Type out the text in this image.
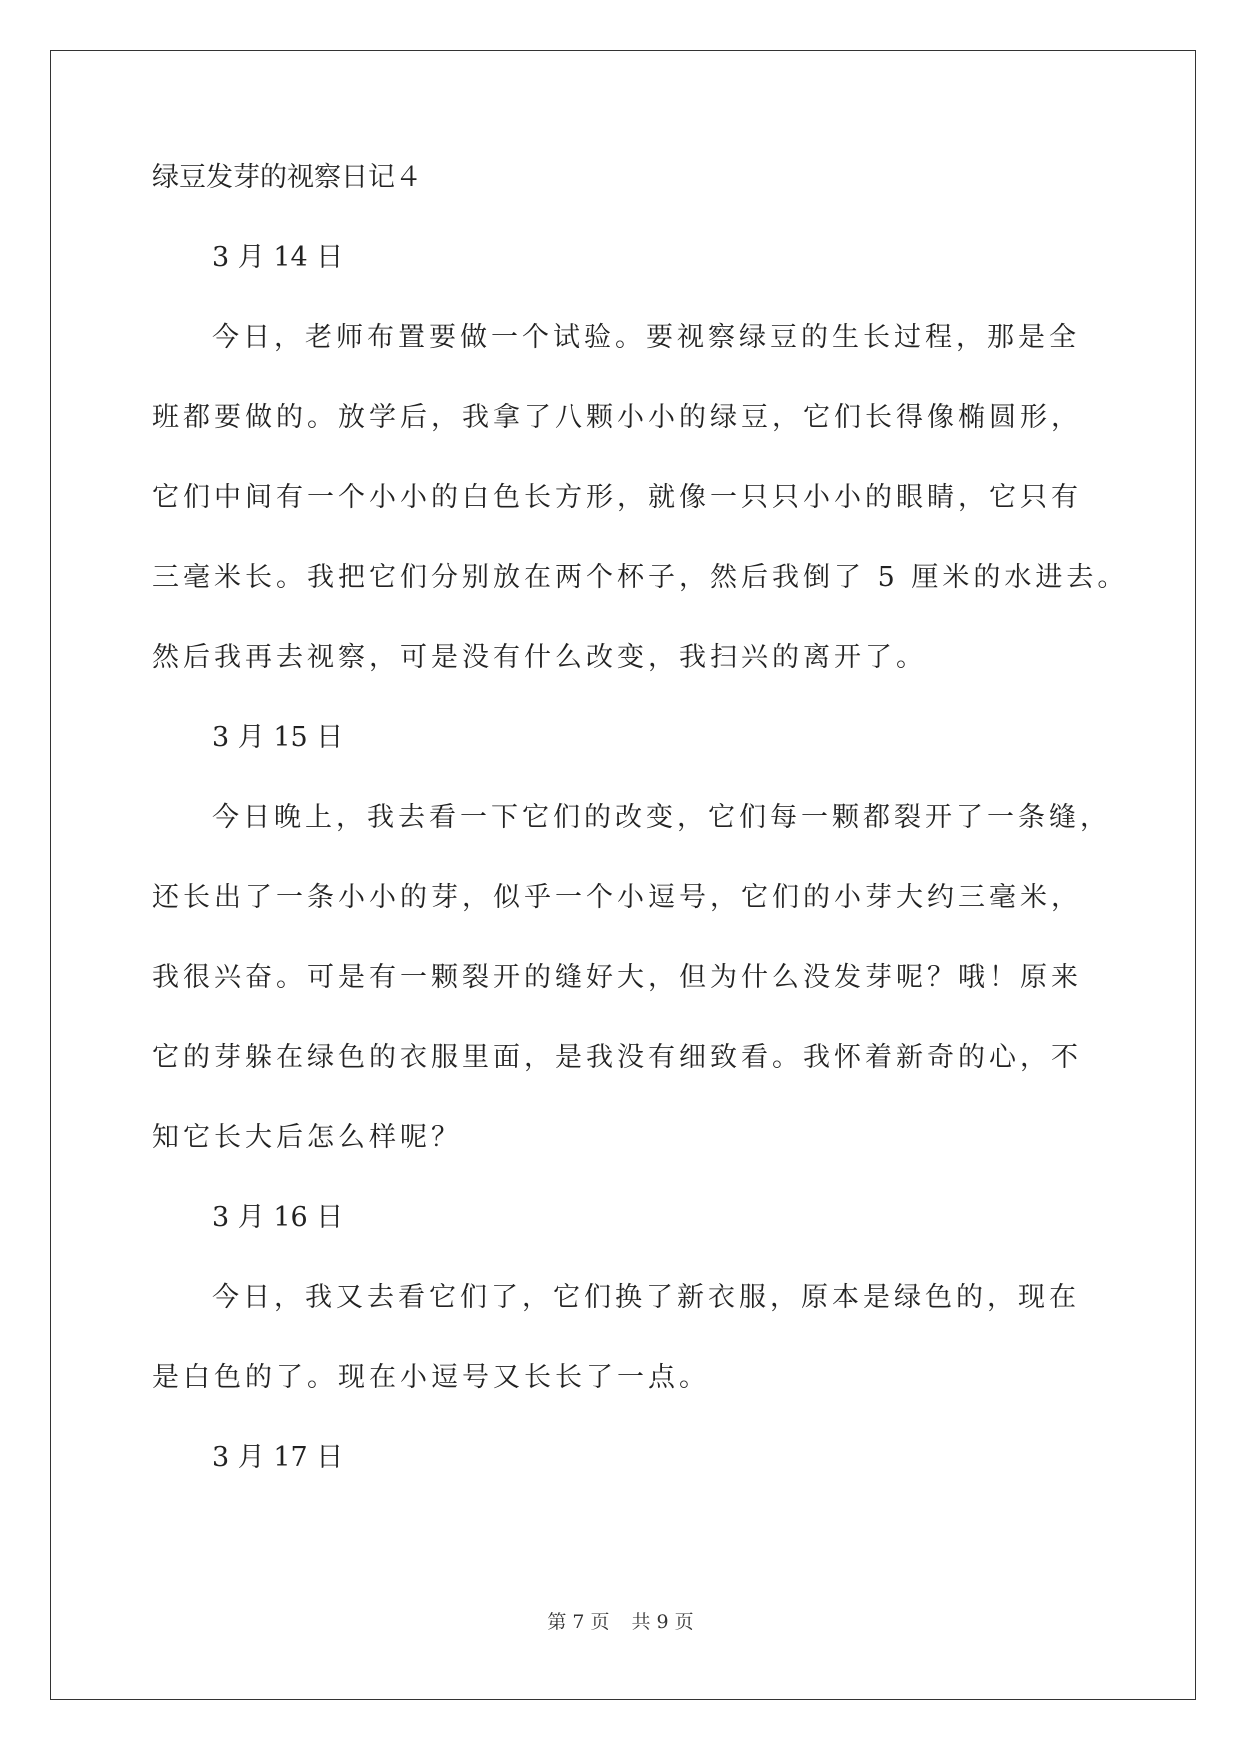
绿豆发芽的视察日记４
3 月 14 日
今日，老师布置要做一个试验。要视察绿豆的生长过程，那是全
班都要做的。放学后，我拿了八颗小小的绿豆，它们长得像椭圆形，
它们中间有一个小小的白色长方形，就像一只只小小的眼睛，它只有
三毫米长。我把它们分别放在两个杯子，然后我倒了 5 厘米的水进去。
然后我再去视察，可是没有什么改变，我扫兴的离开了。
3 月 15 日
今日晚上，我去看一下它们的改变，它们每一颗都裂开了一条缝，
还长出了一条小小的芽，似乎一个小逗号，它们的小芽大约三毫米，
我很兴奋。可是有一颗裂开的缝好大，但为什么没发芽呢？哦！原来
它的芽躲在绿色的衣服里面，是我没有细致看。我怀着新奇的心，不
知它长大后怎么样呢？
3 月 16 日
今日，我又去看它们了，它们换了新衣服，原本是绿色的，现在
是白色的了。现在小逗号又长长了一点。
3 月 17 日
第 7 页 共 9 页
